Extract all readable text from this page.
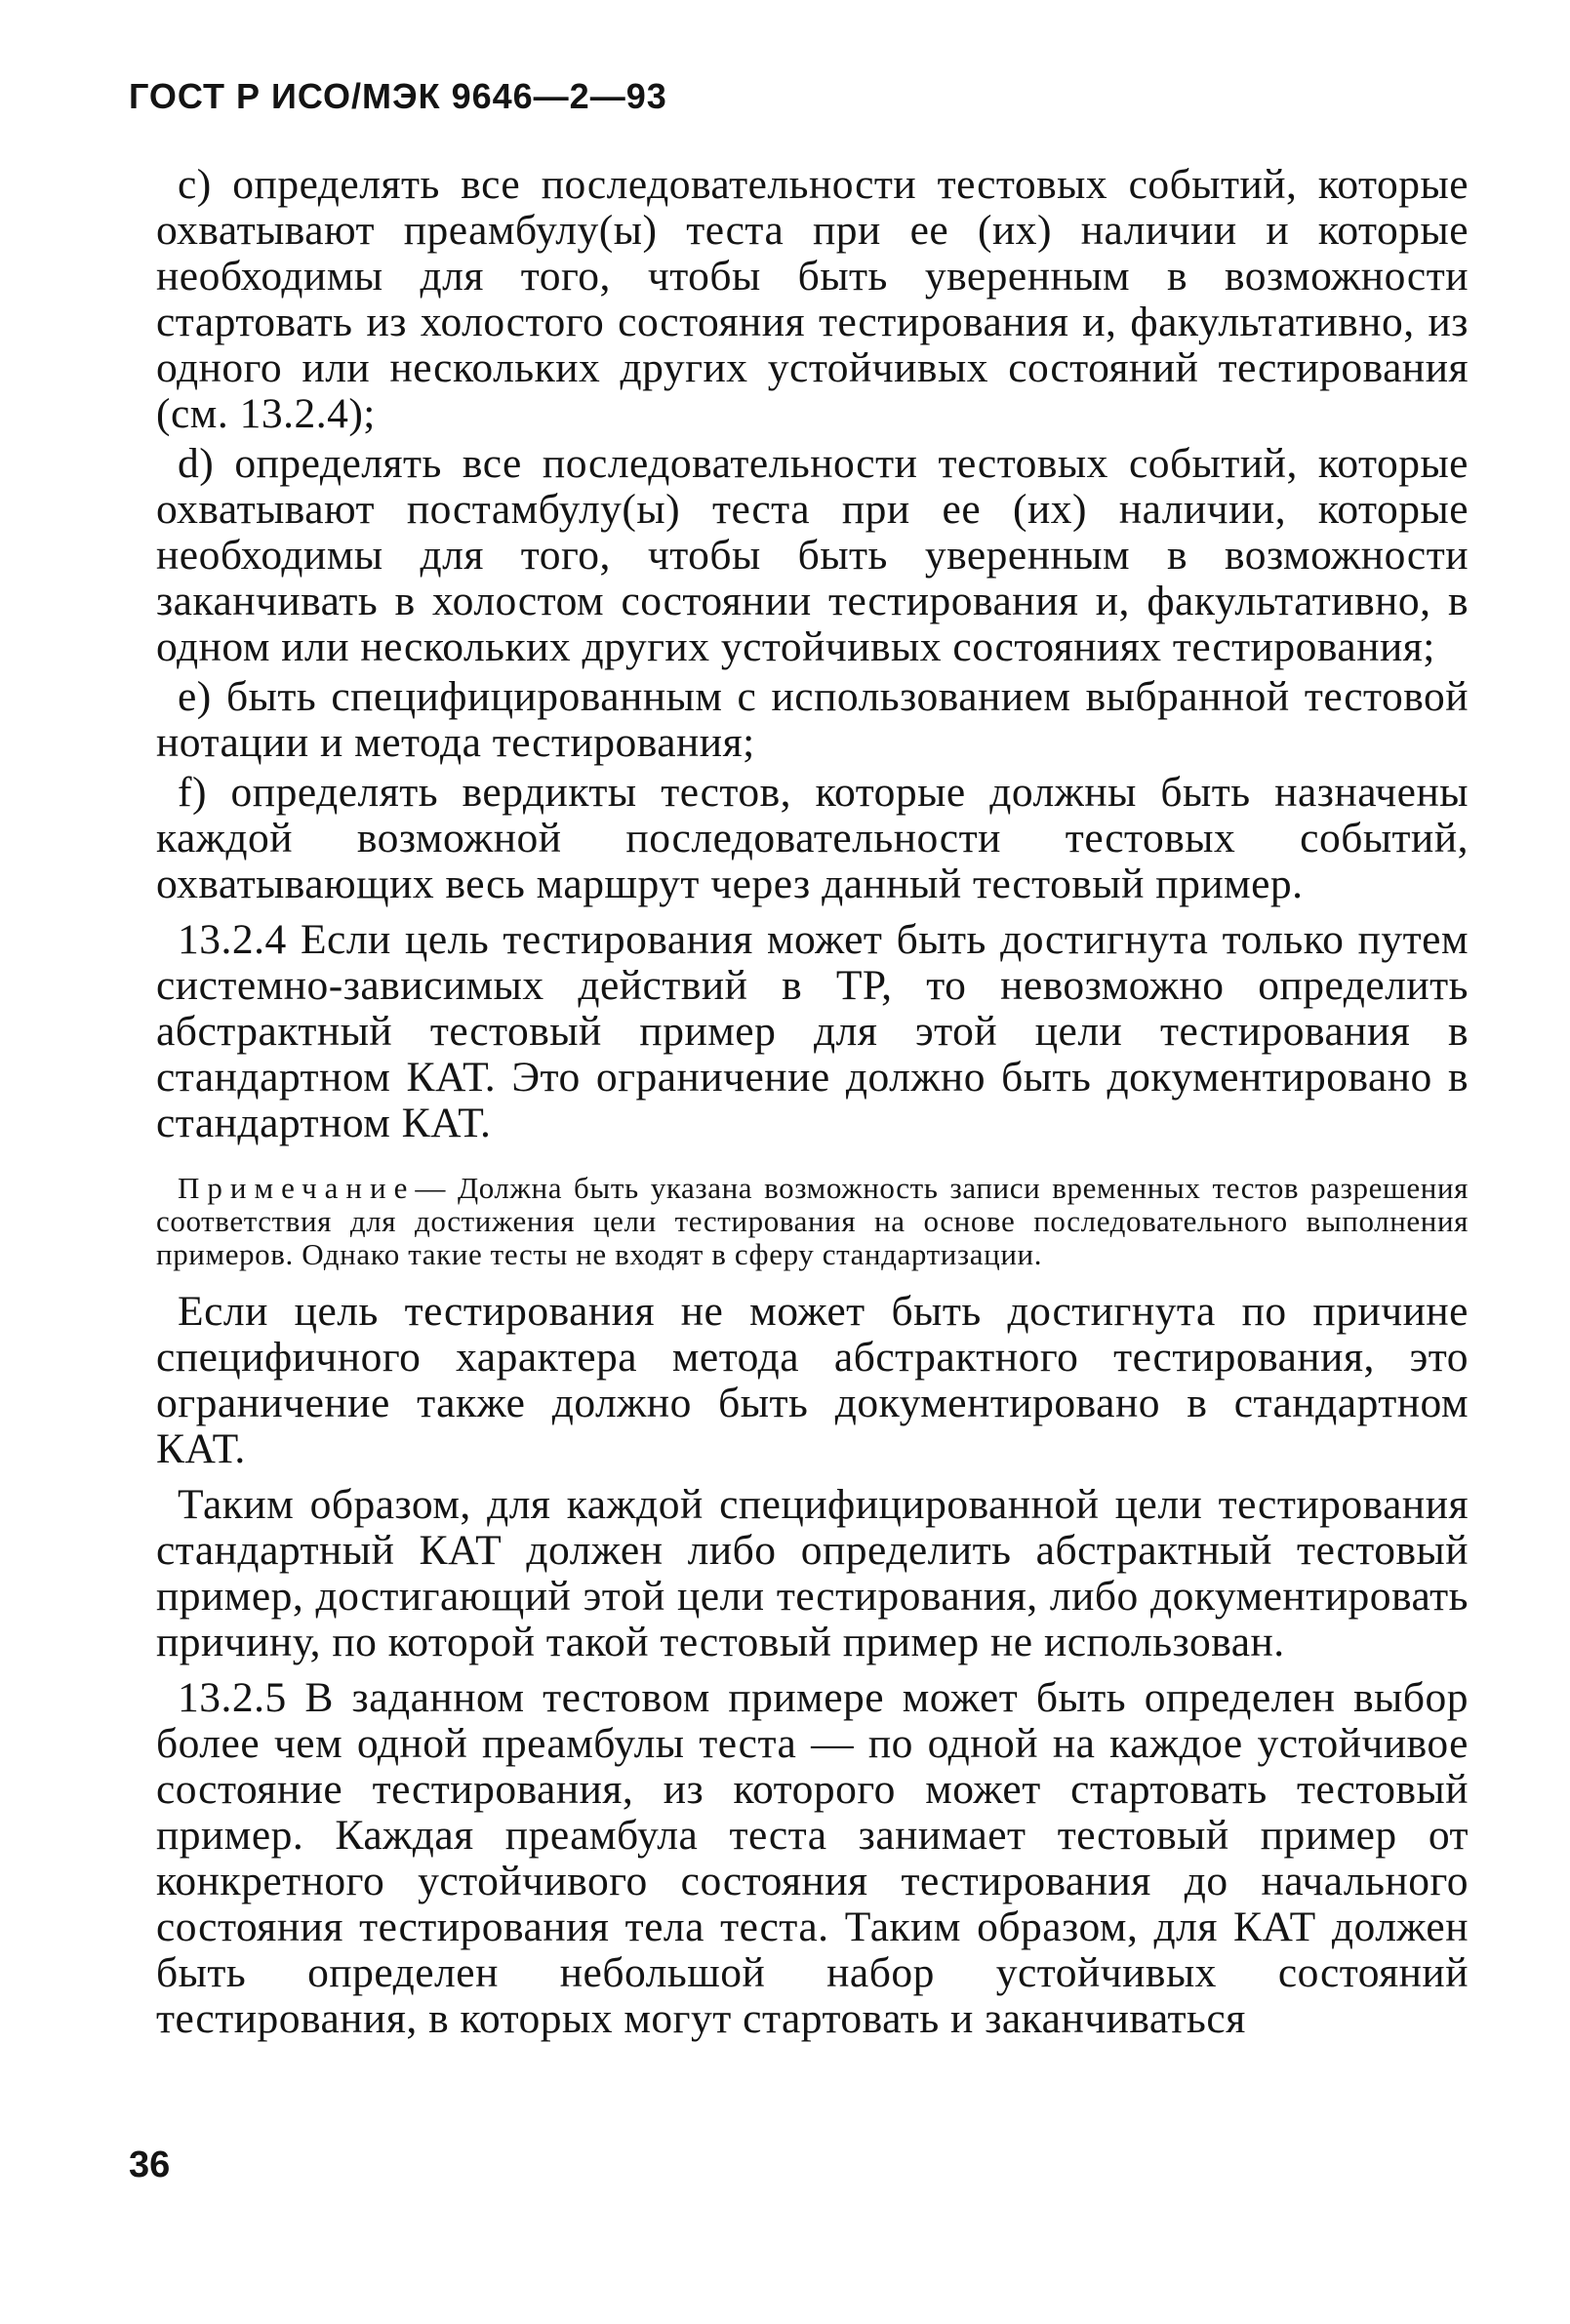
ГОСТ Р ИСО/МЭК 9646—2—93

с) определять все последовательности тестовых событий, которые охватывают преамбулу(ы) теста при ее (их) наличии и которые необходимы для того, чтобы быть уверенным в возможности стартовать из холостого состояния тестирования и, факультативно, из одного или нескольких других устойчивых состояний тестирования (см. 13.2.4);

d) определять все последовательности тестовых событий, которые охватывают постамбулу(ы) теста при ее (их) наличии, которые необходимы для того, чтобы быть уверенным в возможности заканчивать в холостом состоянии тестирования и, факультативно, в одном или нескольких других устойчивых состояниях тестирования;

е) быть специфицированным с использованием выбранной тестовой нотации и метода тестирования;

f) определять вердикты тестов, которые должны быть назначены каждой возможной последовательности тестовых событий, охватывающих весь маршрут через данный тестовый пример.

13.2.4 Если цель тестирования может быть достигнута только путем системно-зависимых действий в ТР, то невозможно определить абстрактный тестовый пример для этой цели тестирования в стандартном КАТ. Это ограничение должно быть документировано в стандартном КАТ.

Примечание— Должна быть указана возможность записи временных тестов разрешения соответствия для достижения цели тестирования на основе последовательного выполнения примеров. Однако такие тесты не входят в сферу стандартизации.

Если цель тестирования не может быть достигнута по причине специфичного характера метода абстрактного тестирования, это ограничение также должно быть документировано в стандартном КАТ.

Таким образом, для каждой специфицированной цели тестирования стандартный КАТ должен либо определить абстрактный тестовый пример, достигающий этой цели тестирования, либо документировать причину, по которой такой тестовый пример не использован.

13.2.5 В заданном тестовом примере может быть определен выбор более чем одной преамбулы теста — по одной на каждое устойчивое состояние тестирования, из которого может стартовать тестовый пример. Каждая преамбула теста занимает тестовый пример от конкретного устойчивого состояния тестирования до начального состояния тестирования тела теста. Таким образом, для КАТ должен быть определен небольшой набор устойчивых состояний тестирования, в которых могут стартовать и заканчиваться

36
